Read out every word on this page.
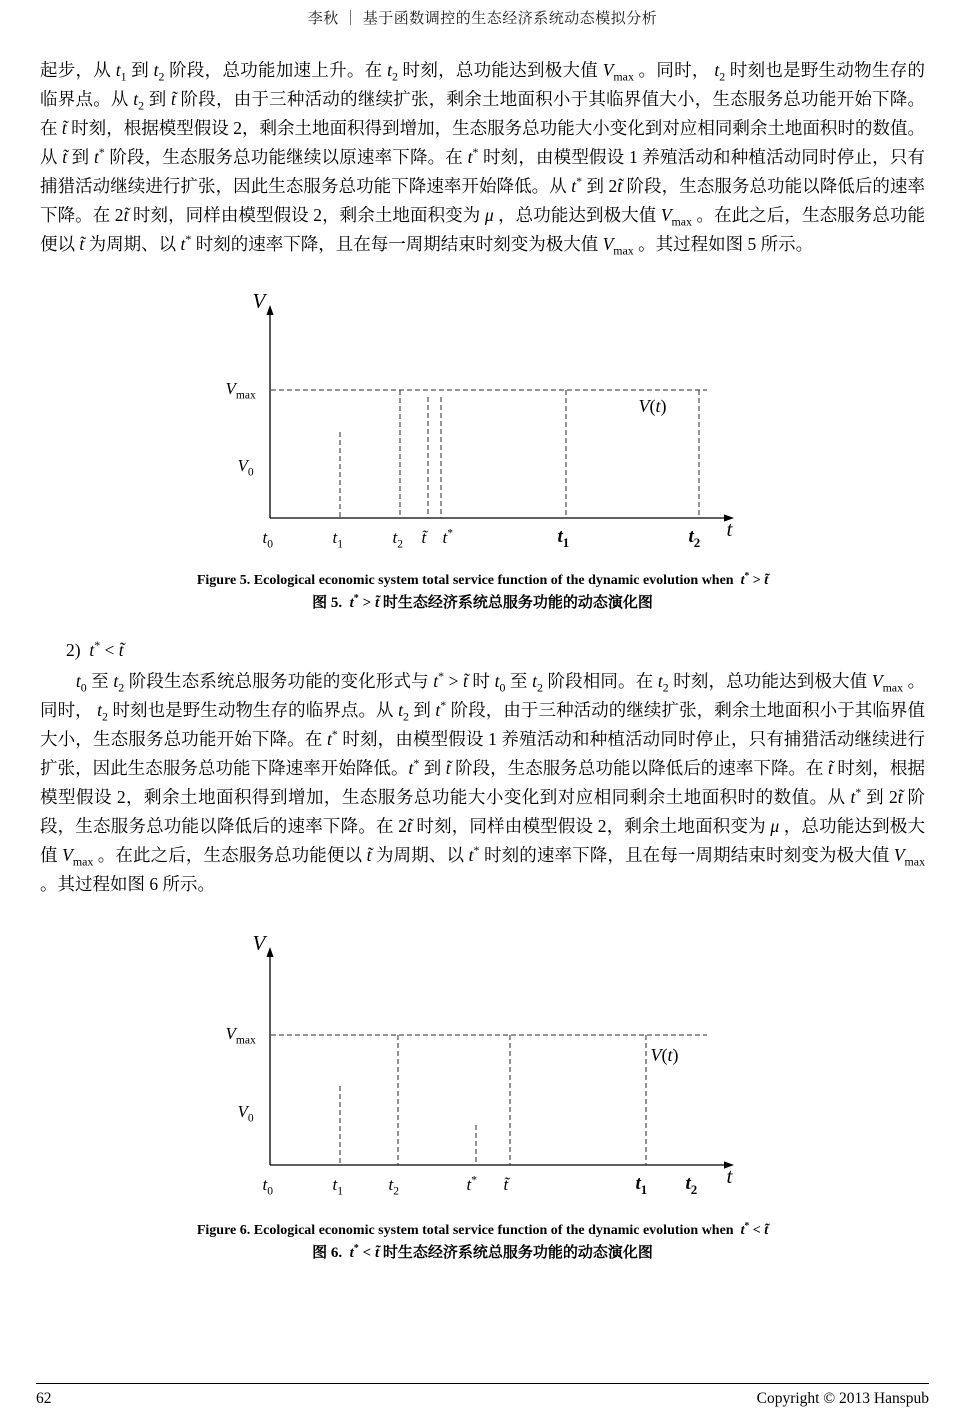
李秋 ｜ 基于函数调控的生态经济系统动态模拟分析

起步，从 $t_1$ 到 $t_2$ 阶段，总功能加速上升。在 $t_2$ 时刻，总功能达到极大值 $V_{max}$ 。同时， $t_2$ 时刻也是野生动物生存的临界点。从 $t_2$ 到 t̃ 阶段，由于三种活动的继续扩张，剩余土地面积小于其临界值大小，生态服务总功能开始下降。在 t̃ 时刻，根据模型假设 2，剩余土地面积得到增加，生态服务总功能大小变化到对应相同剩余土地面积时的数值。从 t̃ 到 t* 阶段，生态服务总功能继续以原速率下降。在 t* 时刻，由模型假设 1 养殖活动和种植活动同时停止，只有捕猎活动继续进行扩张，因此生态服务总功能下降速率开始降低。从 t* 到 2t̃ 阶段，生态服务总功能以降低后的速率下降。在 2t̃ 时刻，同样由模型假设 2，剩余土地面积变为 μ ，总功能达到极大值 $V_{max}$ 。在此之后，生态服务总功能便以 t̃ 为周期、以 t* 时刻的速率下降，且在每一周期结束时刻变为极大值 $V_{max}$ 。其过程如图 5 所示。

V
$V_{max}$
$V_0$
V(t)
t
$t_0$	$t_1$	$t_2$ t̃ t*	$t_1$	$t_2$
Figure 5. Ecological economic system total service function of the dynamic evolution when  t* > t̃
图 5.  t* > t̃ 时生态经济系统总服务功能的动态演化图

2)  t* < t̃

$t_0$ 至 $t_2$ 阶段生态系统总服务功能的变化形式与 t* > t̃ 时 $t_0$ 至 $t_2$ 阶段相同。在 $t_2$ 时刻，总功能达到极大值 $V_{max}$ 。同时， $t_2$ 时刻也是野生动物生存的临界点。从 $t_2$ 到 t* 阶段，由于三种活动的继续扩张，剩余土地面积小于其临界值大小，生态服务总功能开始下降。在 t* 时刻，由模型假设 1 养殖活动和种植活动同时停止，只有捕猎活动继续进行扩张，因此生态服务总功能下降速率开始降低。t* 到 t̃ 阶段，生态服务总功能以降低后的速率下降。在 t̃ 时刻，根据模型假设 2，剩余土地面积得到增加，生态服务总功能大小变化到对应相同剩余土地面积时的数值。从 t* 到 2t̃ 阶段，生态服务总功能以降低后的速率下降。在 2t̃ 时刻，同样由模型假设 2，剩余土地面积变为 μ ，总功能达到极大值 $V_{max}$ 。在此之后，生态服务总功能便以 t̃ 为周期、以 t* 时刻的速率下降，且在每一周期结束时刻变为极大值 $V_{max}$ 。其过程如图 6 所示。

V
$V_{max}$
$V_0$
V(t)
t
$t_0$	$t_1$	$t_2$	t* t̃	$t_1$ $t_2$
Figure 6. Ecological economic system total service function of the dynamic evolution when  t* < t̃
图 6.  t* < t̃ 时生态经济系统总服务功能的动态演化图
62	Copyright © 2013 Hanspub
